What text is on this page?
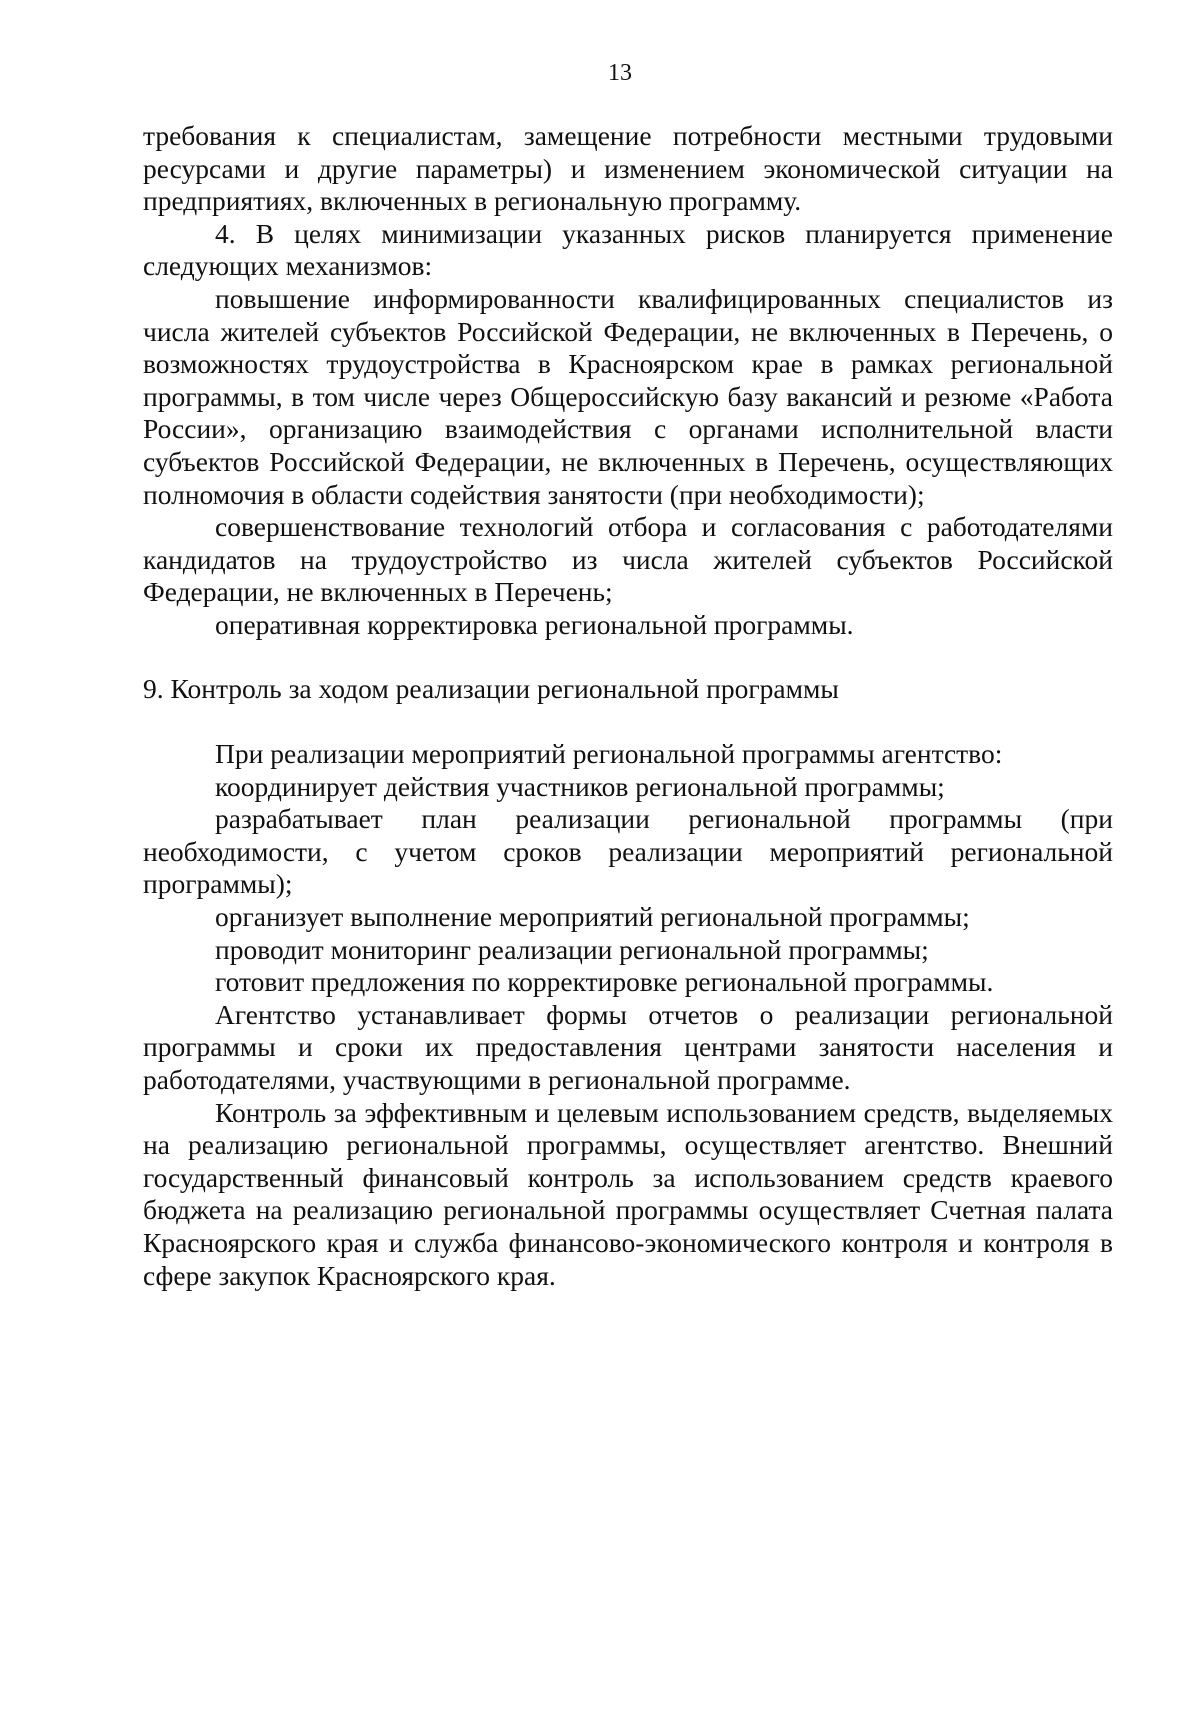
13

требования к специалистам, замещение потребности местными трудовыми ресурсами и другие параметры) и изменением экономической ситуации на предприятиях, включенных в региональную программу.

4. В целях минимизации указанных рисков планируется применение следующих механизмов:

повышение информированности квалифицированных специалистов из числа жителей субъектов Российской Федерации, не включенных в Перечень, о возможностях трудоустройства в Красноярском крае в рамках региональной программы, в том числе через Общероссийскую базу вакансий и резюме «Работа России», организацию взаимодействия с органами исполнительной власти субъектов Российской Федерации, не включенных в Перечень, осуществляющих полномочия в области содействия занятости (при необходимости);

совершенствование технологий отбора и согласования с работодателями кандидатов на трудоустройство из числа жителей субъектов Российской Федерации, не включенных в Перечень;

оперативная корректировка региональной программы.

9. Контроль за ходом реализации региональной программы

При реализации мероприятий региональной программы агентство:

координирует действия участников региональной программы;

разрабатывает план реализации региональной программы (при необходимости, с учетом сроков реализации мероприятий региональной программы);

организует выполнение мероприятий региональной программы;

проводит мониторинг реализации региональной программы;

готовит предложения по корректировке региональной программы.

Агентство устанавливает формы отчетов о реализации региональной программы и сроки их предоставления центрами занятости населения и работодателями, участвующими в региональной программе.

Контроль за эффективным и целевым использованием средств, выделяемых на реализацию региональной программы, осуществляет агентство. Внешний государственный финансовый контроль за использованием средств краевого бюджета на реализацию региональной программы осуществляет Счетная палата Красноярского края и служба финансово-экономического контроля и контроля в сфере закупок Красноярского края.
